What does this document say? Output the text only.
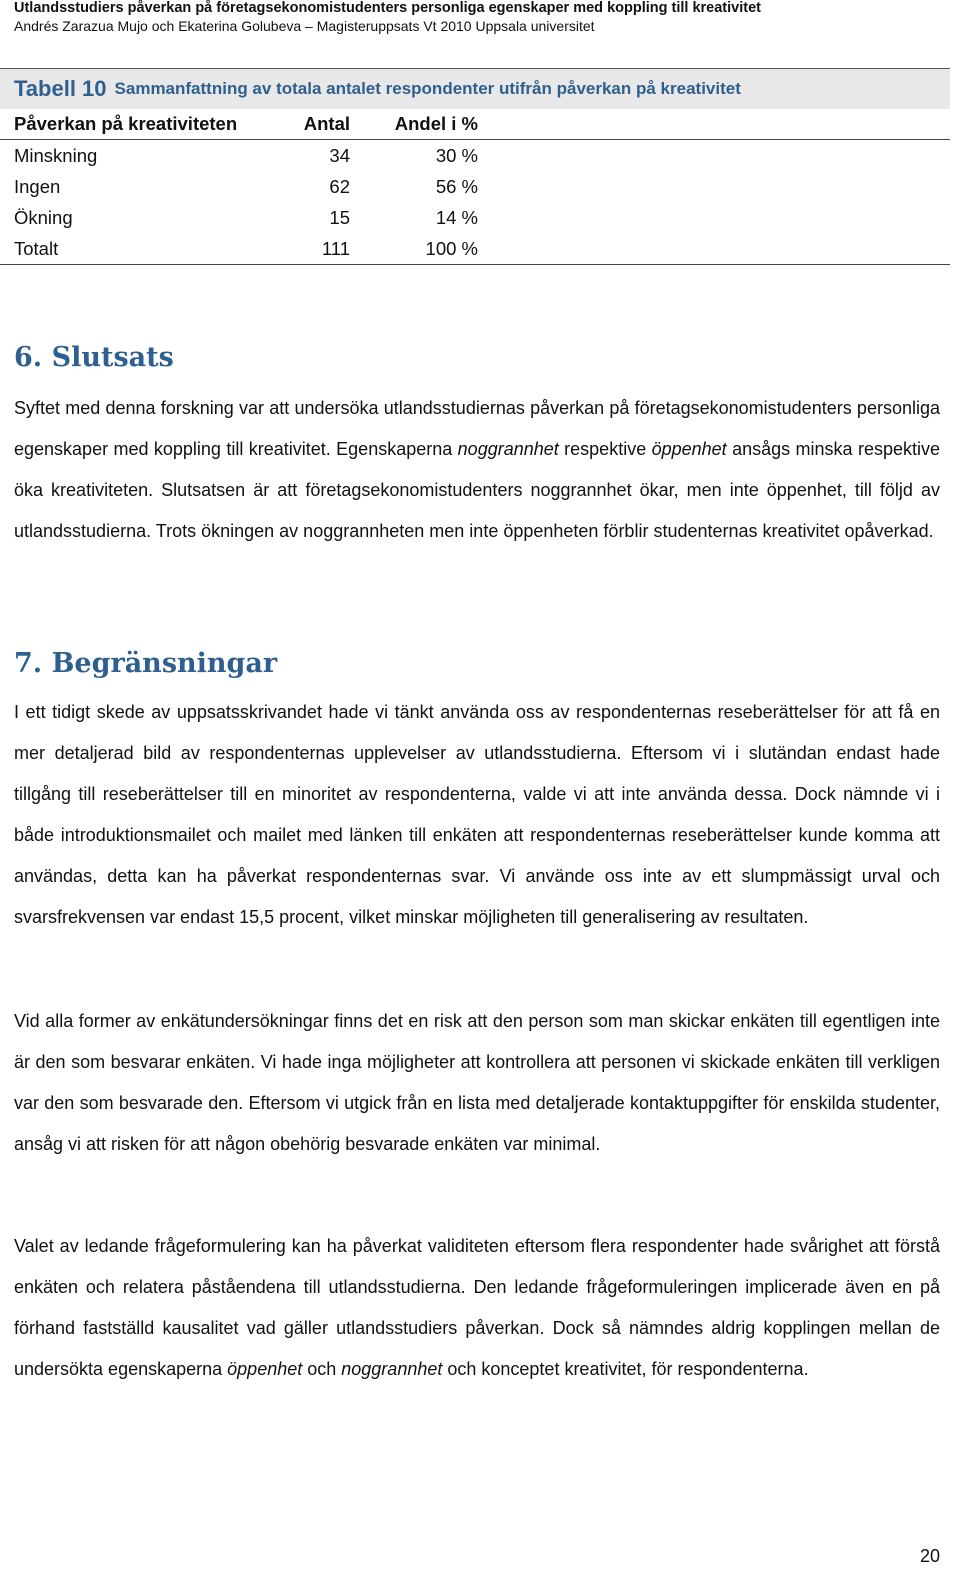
Utlandsstudiers påverkan på företagsekonomistudenters personliga egenskaper med koppling till kreativitet
Andrés Zarazua Mujo och Ekaterina Golubeva – Magisteruppsats Vt 2010 Uppsala universitet
Tabell 10 Sammanfattning av totala antalet respondenter utifrån påverkan på kreativitet
Påverkan på kreativiteten	Antal	Andel i %
Minskning	34	30 %
Ingen	62	56 %
Ökning	15	14 %
Totalt	111	100 %
6. Slutsats
Syftet med denna forskning var att undersöka utlandsstudiernas påverkan på företagsekonomistudenters personliga egenskaper med koppling till kreativitet. Egenskaperna noggrannhet respektive öppenhet ansågs minska respektive öka kreativiteten. Slutsatsen är att företagsekonomistudenters noggrannhet ökar, men inte öppenhet, till följd av utlandsstudierna. Trots ökningen av noggrannheten men inte öppenheten förblir studenternas kreativitet opåverkad.
7. Begränsningar
I ett tidigt skede av uppsatsskrivandet hade vi tänkt använda oss av respondenternas reseberättelser för att få en mer detaljerad bild av respondenternas upplevelser av utlandsstudierna. Eftersom vi i slutändan endast hade tillgång till reseberättelser till en minoritet av respondenterna, valde vi att inte använda dessa. Dock nämnde vi i både introduktionsmailet och mailet med länken till enkäten att respondenternas reseberättelser kunde komma att användas, detta kan ha påverkat respondenternas svar. Vi använde oss inte av ett slumpmässigt urval och svarsfrekvensen var endast 15,5 procent, vilket minskar möjligheten till generalisering av resultaten.
Vid alla former av enkätundersökningar finns det en risk att den person som man skickar enkäten till egentligen inte är den som besvarar enkäten. Vi hade inga möjligheter att kontrollera att personen vi skickade enkäten till verkligen var den som besvarade den. Eftersom vi utgick från en lista med detaljerade kontaktuppgifter för enskilda studenter, ansåg vi att risken för att någon obehörig besvarade enkäten var minimal.
Valet av ledande frågeformulering kan ha påverkat validiteten eftersom flera respondenter hade svårighet att förstå enkäten och relatera påståendena till utlandsstudierna. Den ledande frågeformuleringen implicerade även en på förhand fastställd kausalitet vad gäller utlandsstudiers påverkan. Dock så nämndes aldrig kopplingen mellan de undersökta egenskaperna öppenhet och noggrannhet och konceptet kreativitet, för respondenterna.
20
